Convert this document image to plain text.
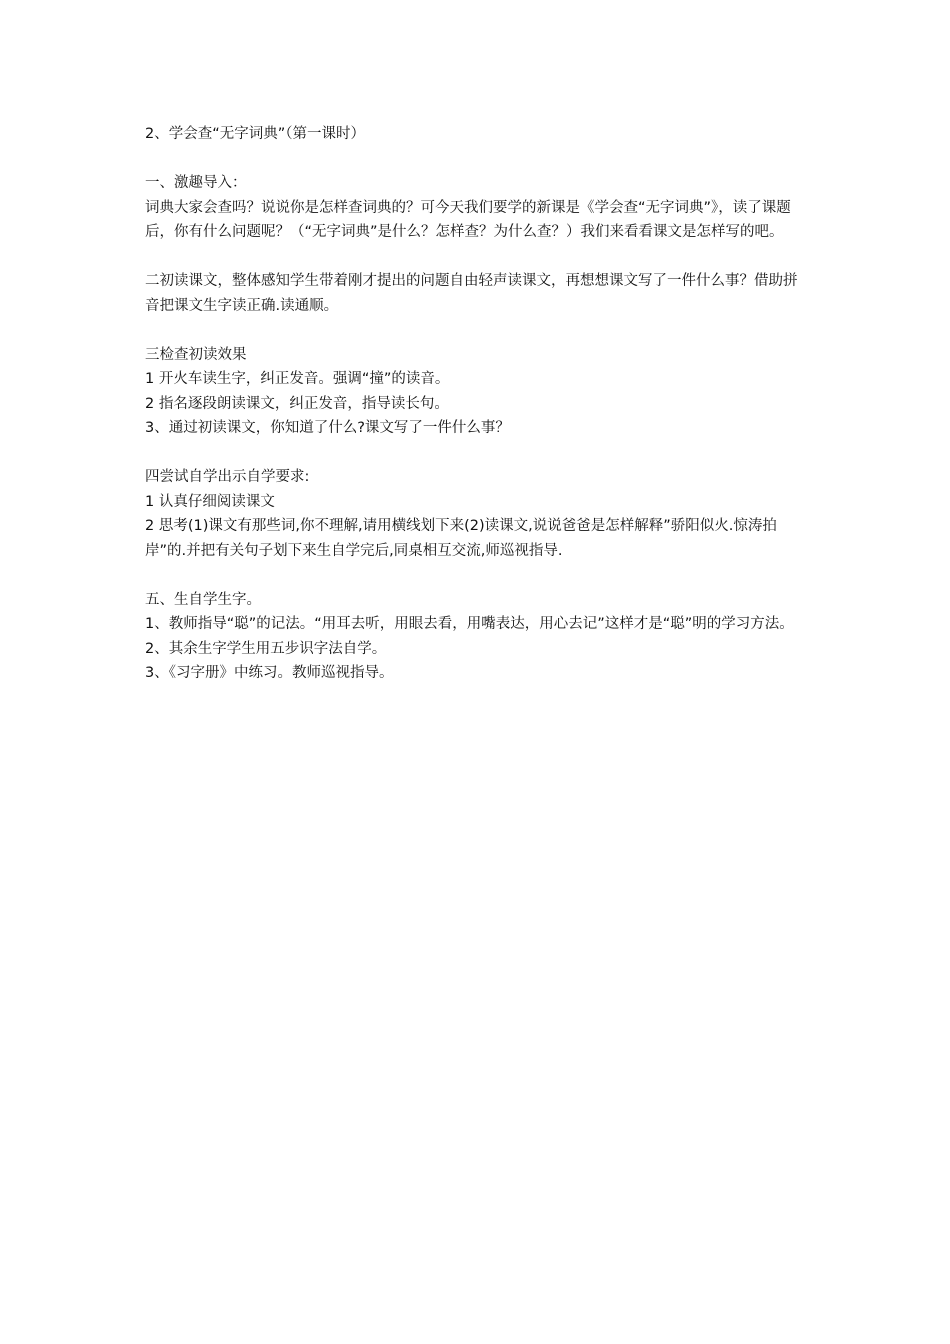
2、学会查“无字词典”（第一课时）
一、激趣导入：
词典大家会查吗？说说你是怎样查词典的？可今天我们要学的新课是《学会查“无字词典”》，读了课题后，你有什么问题呢？（“无字词典”是什么？怎样查？为什么查？）我们来看看课文是怎样写的吧。
二初读课文，整体感知学生带着刚才提出的问题自由轻声读课文，再想想课文写了一件什么事？借助拼音把课文生字读正确.读通顺。
三检查初读效果
1 开火车读生字，纠正发音。强调“撞”的读音。
2 指名逐段朗读课文，纠正发音，指导读长句。
3、通过初读课文，你知道了什么?课文写了一件什么事？
四尝试自学出示自学要求:
1 认真仔细阅读课文
2 思考(1)课文有那些词,你不理解,请用横线划下来(2)读课文,说说爸爸是怎样解释”骄阳似火.惊涛拍岸”的.并把有关句子划下来生自学完后,同桌相互交流,师巡视指导.
五、生自学生字。
1、教师指导“聪”的记法。“用耳去听，用眼去看，用嘴表达，用心去记”这样才是“聪”明的学习方法。
2、其余生字学生用五步识字法自学。
3、《习字册》中练习。教师巡视指导。
